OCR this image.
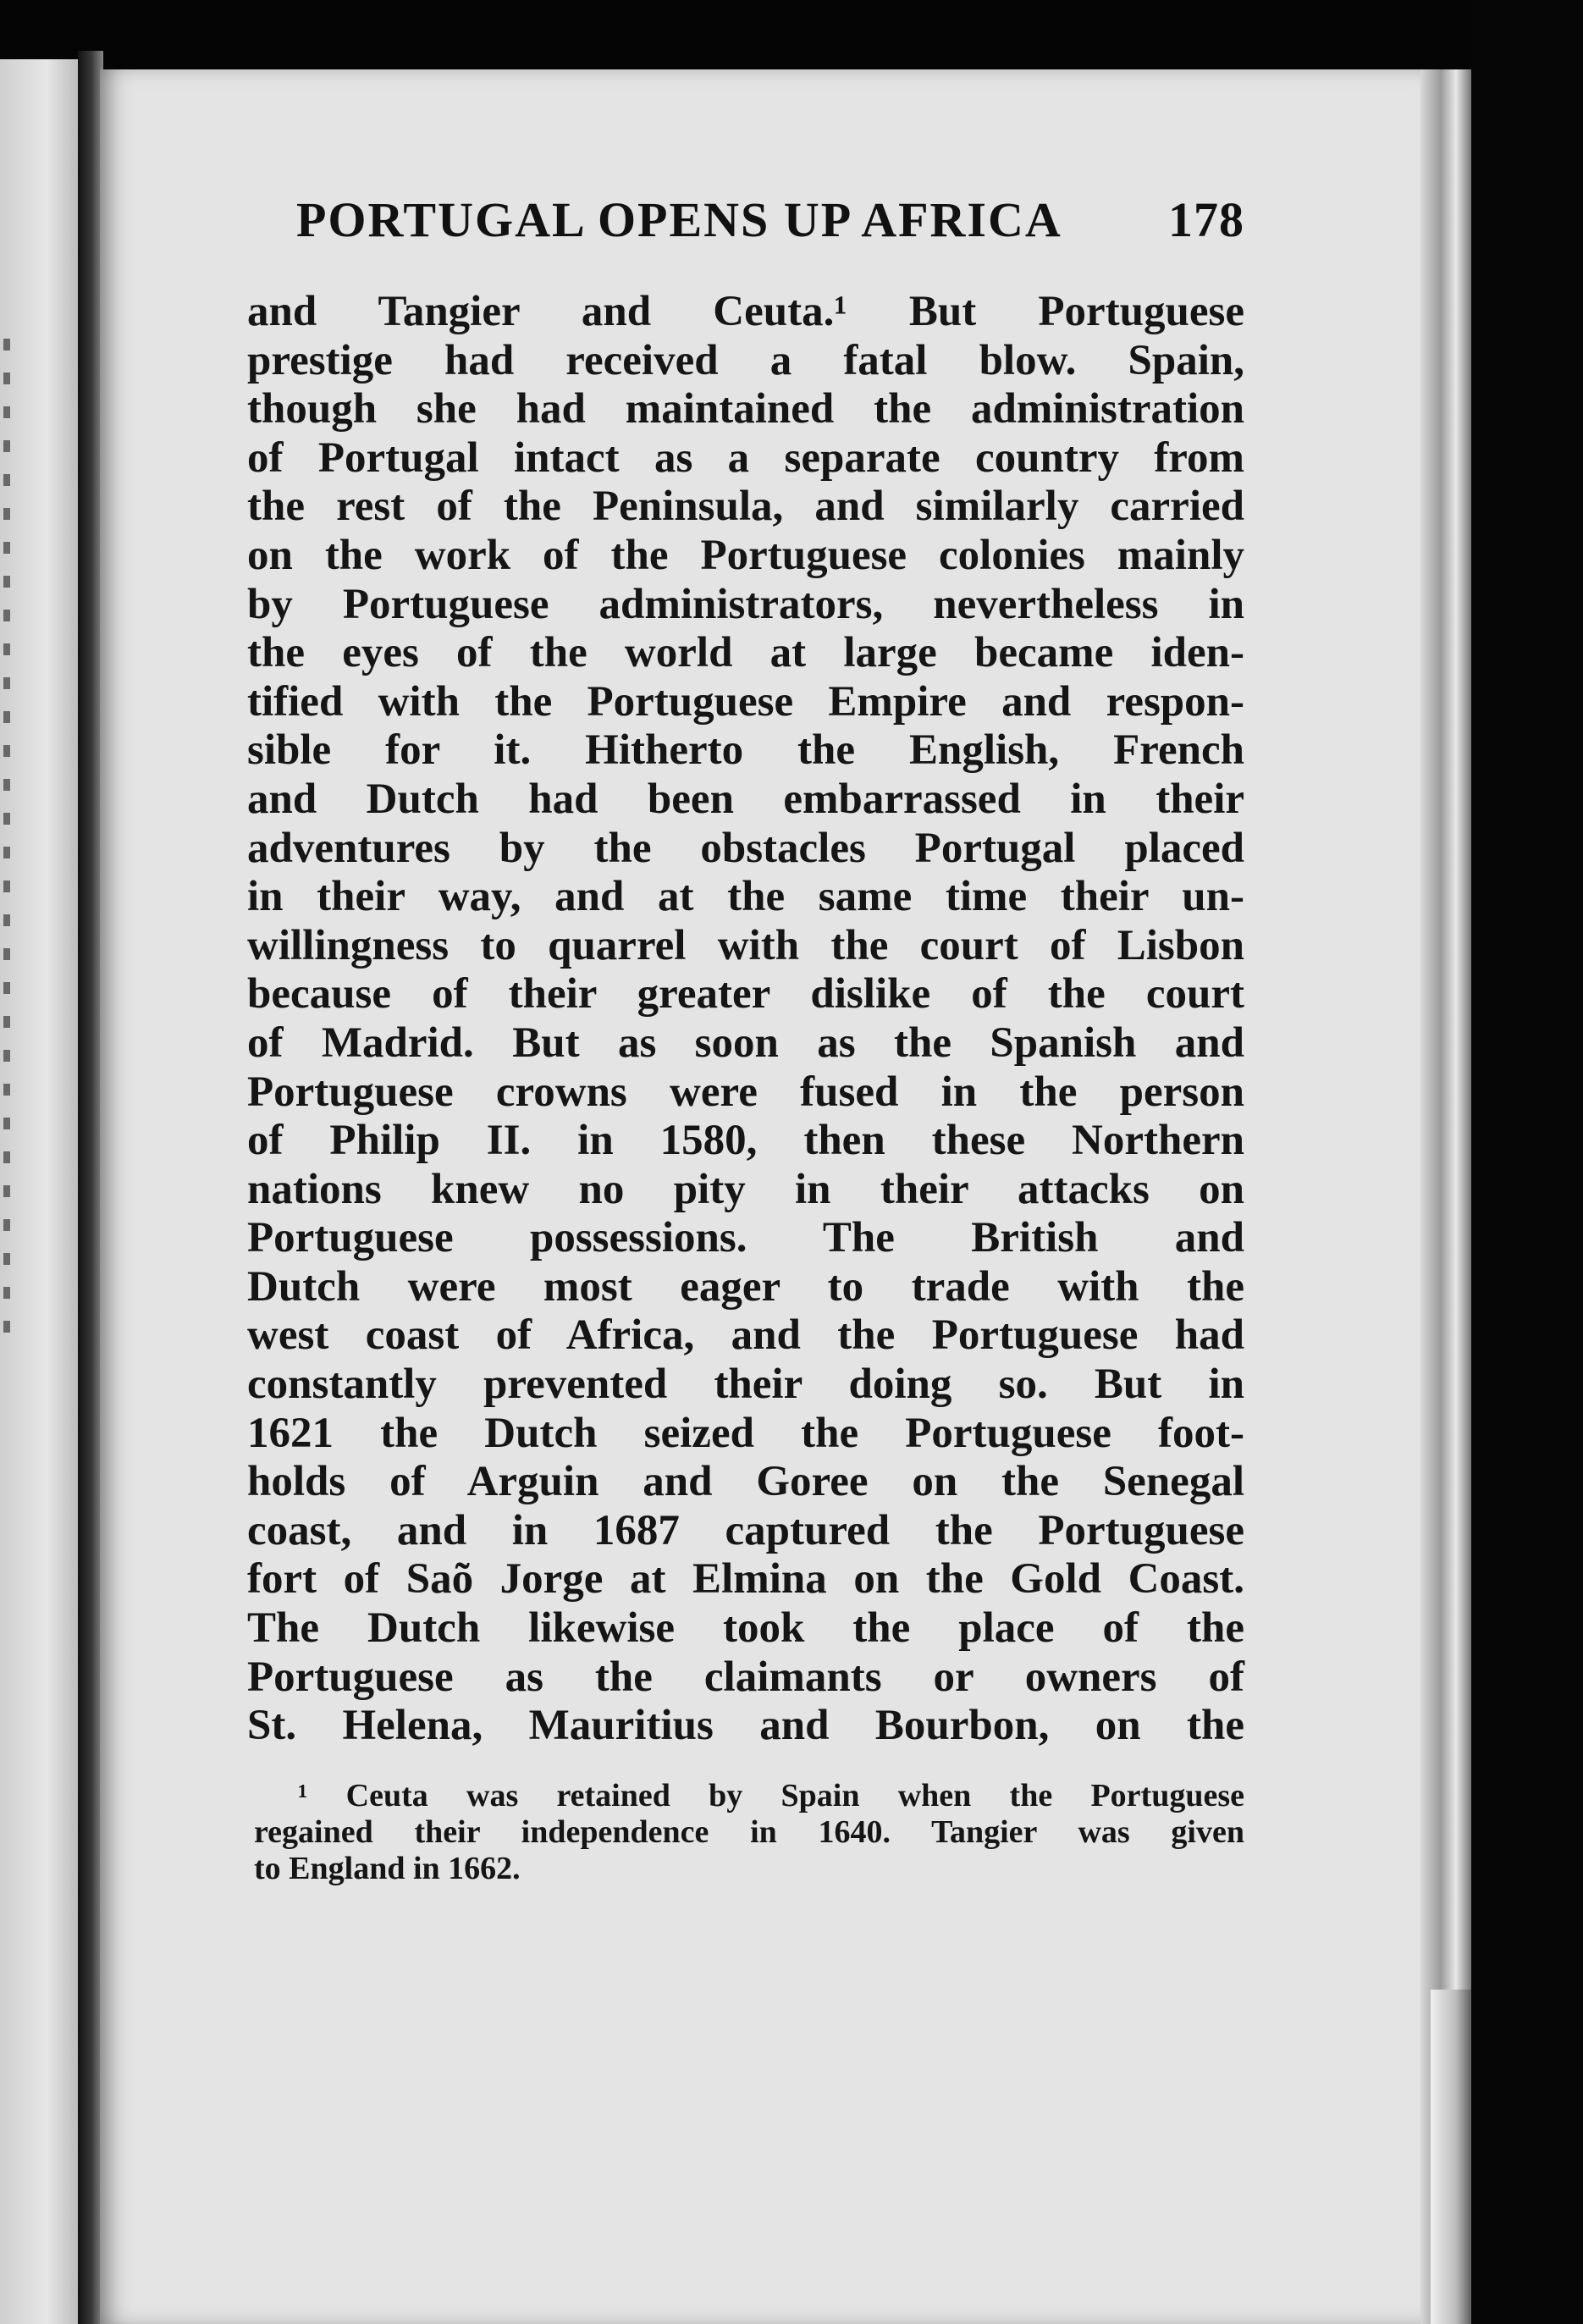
PORTUGAL OPENS UP AFRICA 178
and Tangier and Ceuta.¹ But Portuguese
prestige had received a fatal blow. Spain,
though she had maintained the administration
of Portugal intact as a separate country from
the rest of the Peninsula, and similarly carried
on the work of the Portuguese colonies mainly
by Portuguese administrators, nevertheless in
the eyes of the world at large became iden-
tified with the Portuguese Empire and respon-
sible for it. Hitherto the English, French
and Dutch had been embarrassed in their
adventures by the obstacles Portugal placed
in their way, and at the same time their un-
willingness to quarrel with the court of Lisbon
because of their greater dislike of the court
of Madrid. But as soon as the Spanish and
Portuguese crowns were fused in the person
of Philip II. in 1580, then these Northern
nations knew no pity in their attacks on
Portuguese possessions. The British and
Dutch were most eager to trade with the
west coast of Africa, and the Portuguese had
constantly prevented their doing so. But in
1621 the Dutch seized the Portuguese foot-
holds of Arguin and Goree on the Senegal
coast, and in 1687 captured the Portuguese
fort of Saõ Jorge at Elmina on the Gold Coast.
The Dutch likewise took the place of the
Portuguese as the claimants or owners of
St. Helena, Mauritius and Bourbon, on the
¹ Ceuta was retained by Spain when the Portuguese
regained their independence in 1640. Tangier was given
to England in 1662.
